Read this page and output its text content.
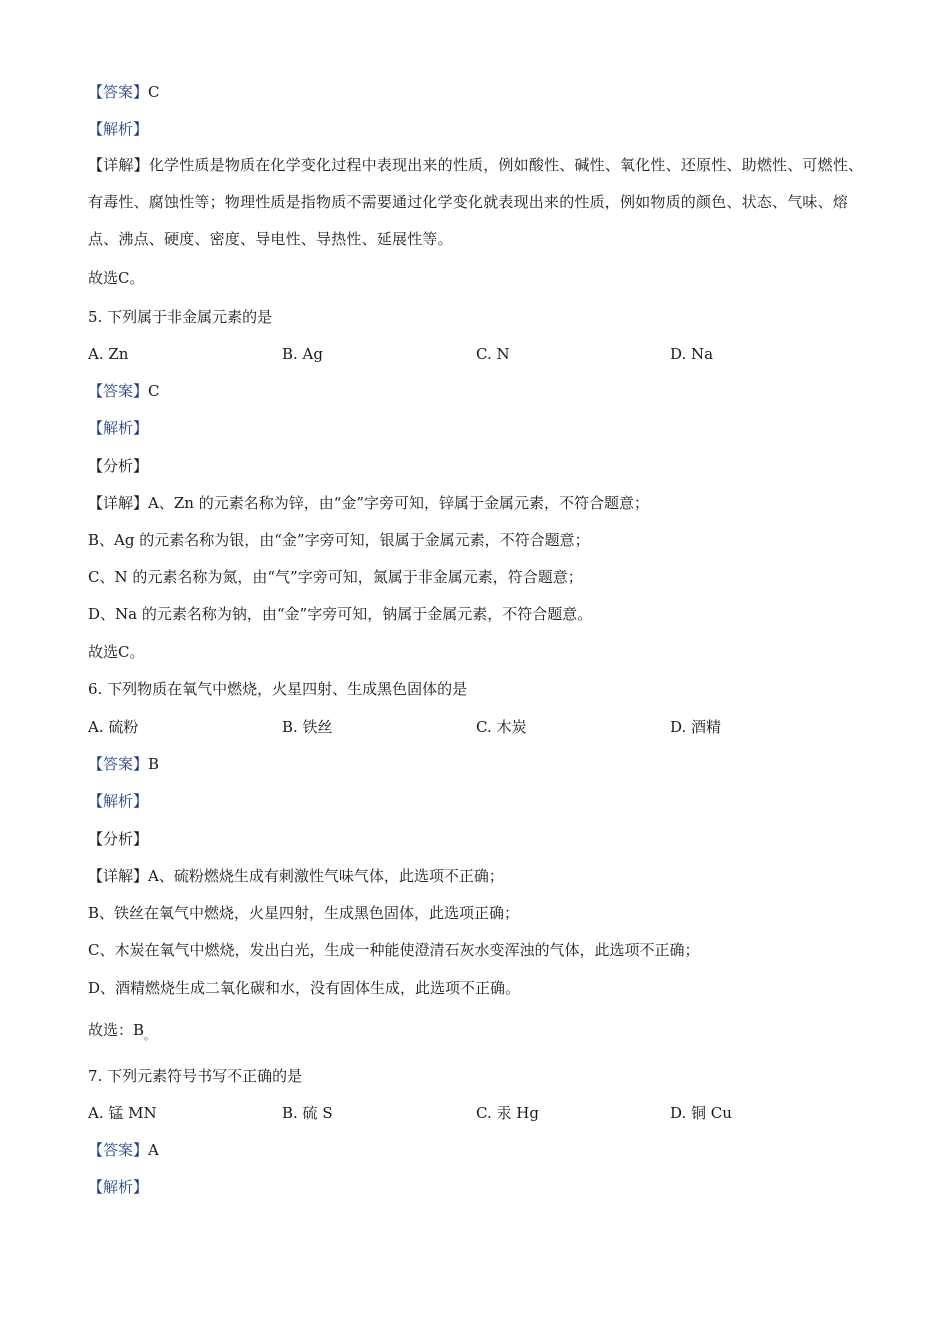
【答案】C
【解析】
【详解】化学性质是物质在化学变化过程中表现出来的性质，例如酸性、碱性、氧化性、还原性、助燃性、可燃性、有毒性、腐蚀性等；物理性质是指物质不需要通过化学变化就表现出来的性质，例如物质的颜色、状态、气味、熔点、沸点、硬度、密度、导电性、导热性、延展性等。
故选C。
5. 下列属于非金属元素的是
A. Zn	B. Ag	C. N	D. Na
【答案】C
【解析】
【分析】
【详解】A、Zn 的元素名称为锌，由“金”字旁可知，锌属于金属元素，不符合题意；
B、Ag 的元素名称为银，由“金”字旁可知，银属于金属元素，不符合题意；
C、N 的元素名称为氮，由“气”字旁可知，氮属于非金属元素，符合题意；
D、Na 的元素名称为钠，由“金”字旁可知，钠属于金属元素，不符合题意。
故选C。
6. 下列物质在氧气中燃烧，火星四射、生成黑色固体的是
A. 硫粉	B. 铁丝	C. 木炭	D. 酒精
【答案】B
【解析】
【分析】
【详解】A、硫粉燃烧生成有刺激性气味气体，此选项不正确；
B、铁丝在氧气中燃烧，火星四射，生成黑色固体，此选项正确；
C、木炭在氧气中燃烧，发出白光，生成一种能使澄清石灰水变浑浊的气体，此选项不正确；
D、酒精燃烧生成二氧化碳和水，没有固体生成，此选项不正确。
故选：$B_。$
7. 下列元素符号书写不正确的是
A. 锰 MN	B. 硫 S	C. 汞 Hg	D. 铜 Cu
【答案】A
【解析】
